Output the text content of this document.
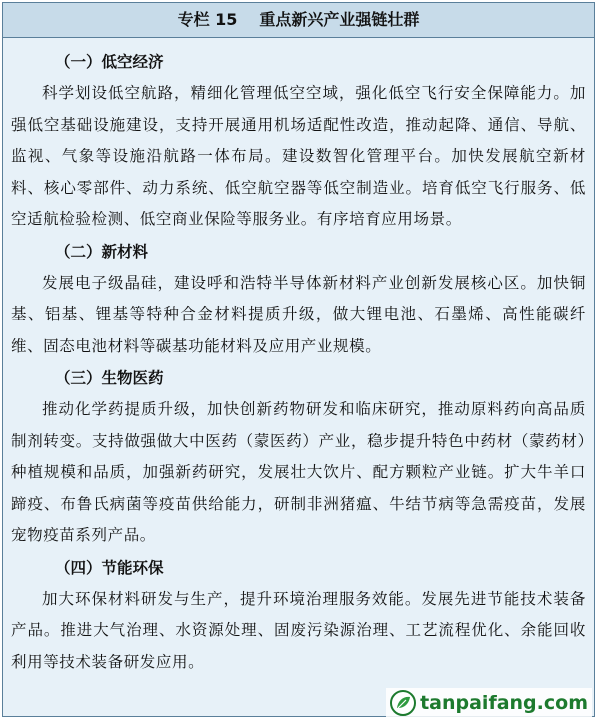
专栏 15 重点新兴产业强链壮群

（一）低空经济

科学划设低空航路，精细化管理低空空域，强化低空飞行安全保障能力。加强低空基础设施建设，支持开展通用机场适配性改造，推动起降、通信、导航、监视、气象等设施沿航路一体布局。建设数智化管理平台。加快发展航空新材料、核心零部件、动力系统、低空航空器等低空制造业。培育低空飞行服务、低空适航检验检测、低空商业保险等服务业。有序培育应用场景。

（二）新材料

发展电子级晶硅，建设呼和浩特半导体新材料产业创新发展核心区。加快铜基、铝基、锂基等特种合金材料提质升级，做大锂电池、石墨烯、高性能碳纤维、固态电池材料等碳基功能材料及应用产业规模。

（三）生物医药

推动化学药提质升级，加快创新药物研发和临床研究，推动原料药向高品质制剂转变。支持做强做大中医药（蒙医药）产业，稳步提升特色中药材（蒙药材）种植规模和品质，加强新药研究，发展壮大饮片、配方颗粒产业链。扩大牛羊口蹄疫、布鲁氏病菌等疫苗供给能力，研制非洲猪瘟、牛结节病等急需疫苗，发展宠物疫苗系列产品。

（四）节能环保

加大环保材料研发与生产，提升环境治理服务效能。发展先进节能技术装备产品。推进大气治理、水资源处理、固废污染源治理、工艺流程优化、余能回收利用等技术装备研发应用。

tanpaifang.com
